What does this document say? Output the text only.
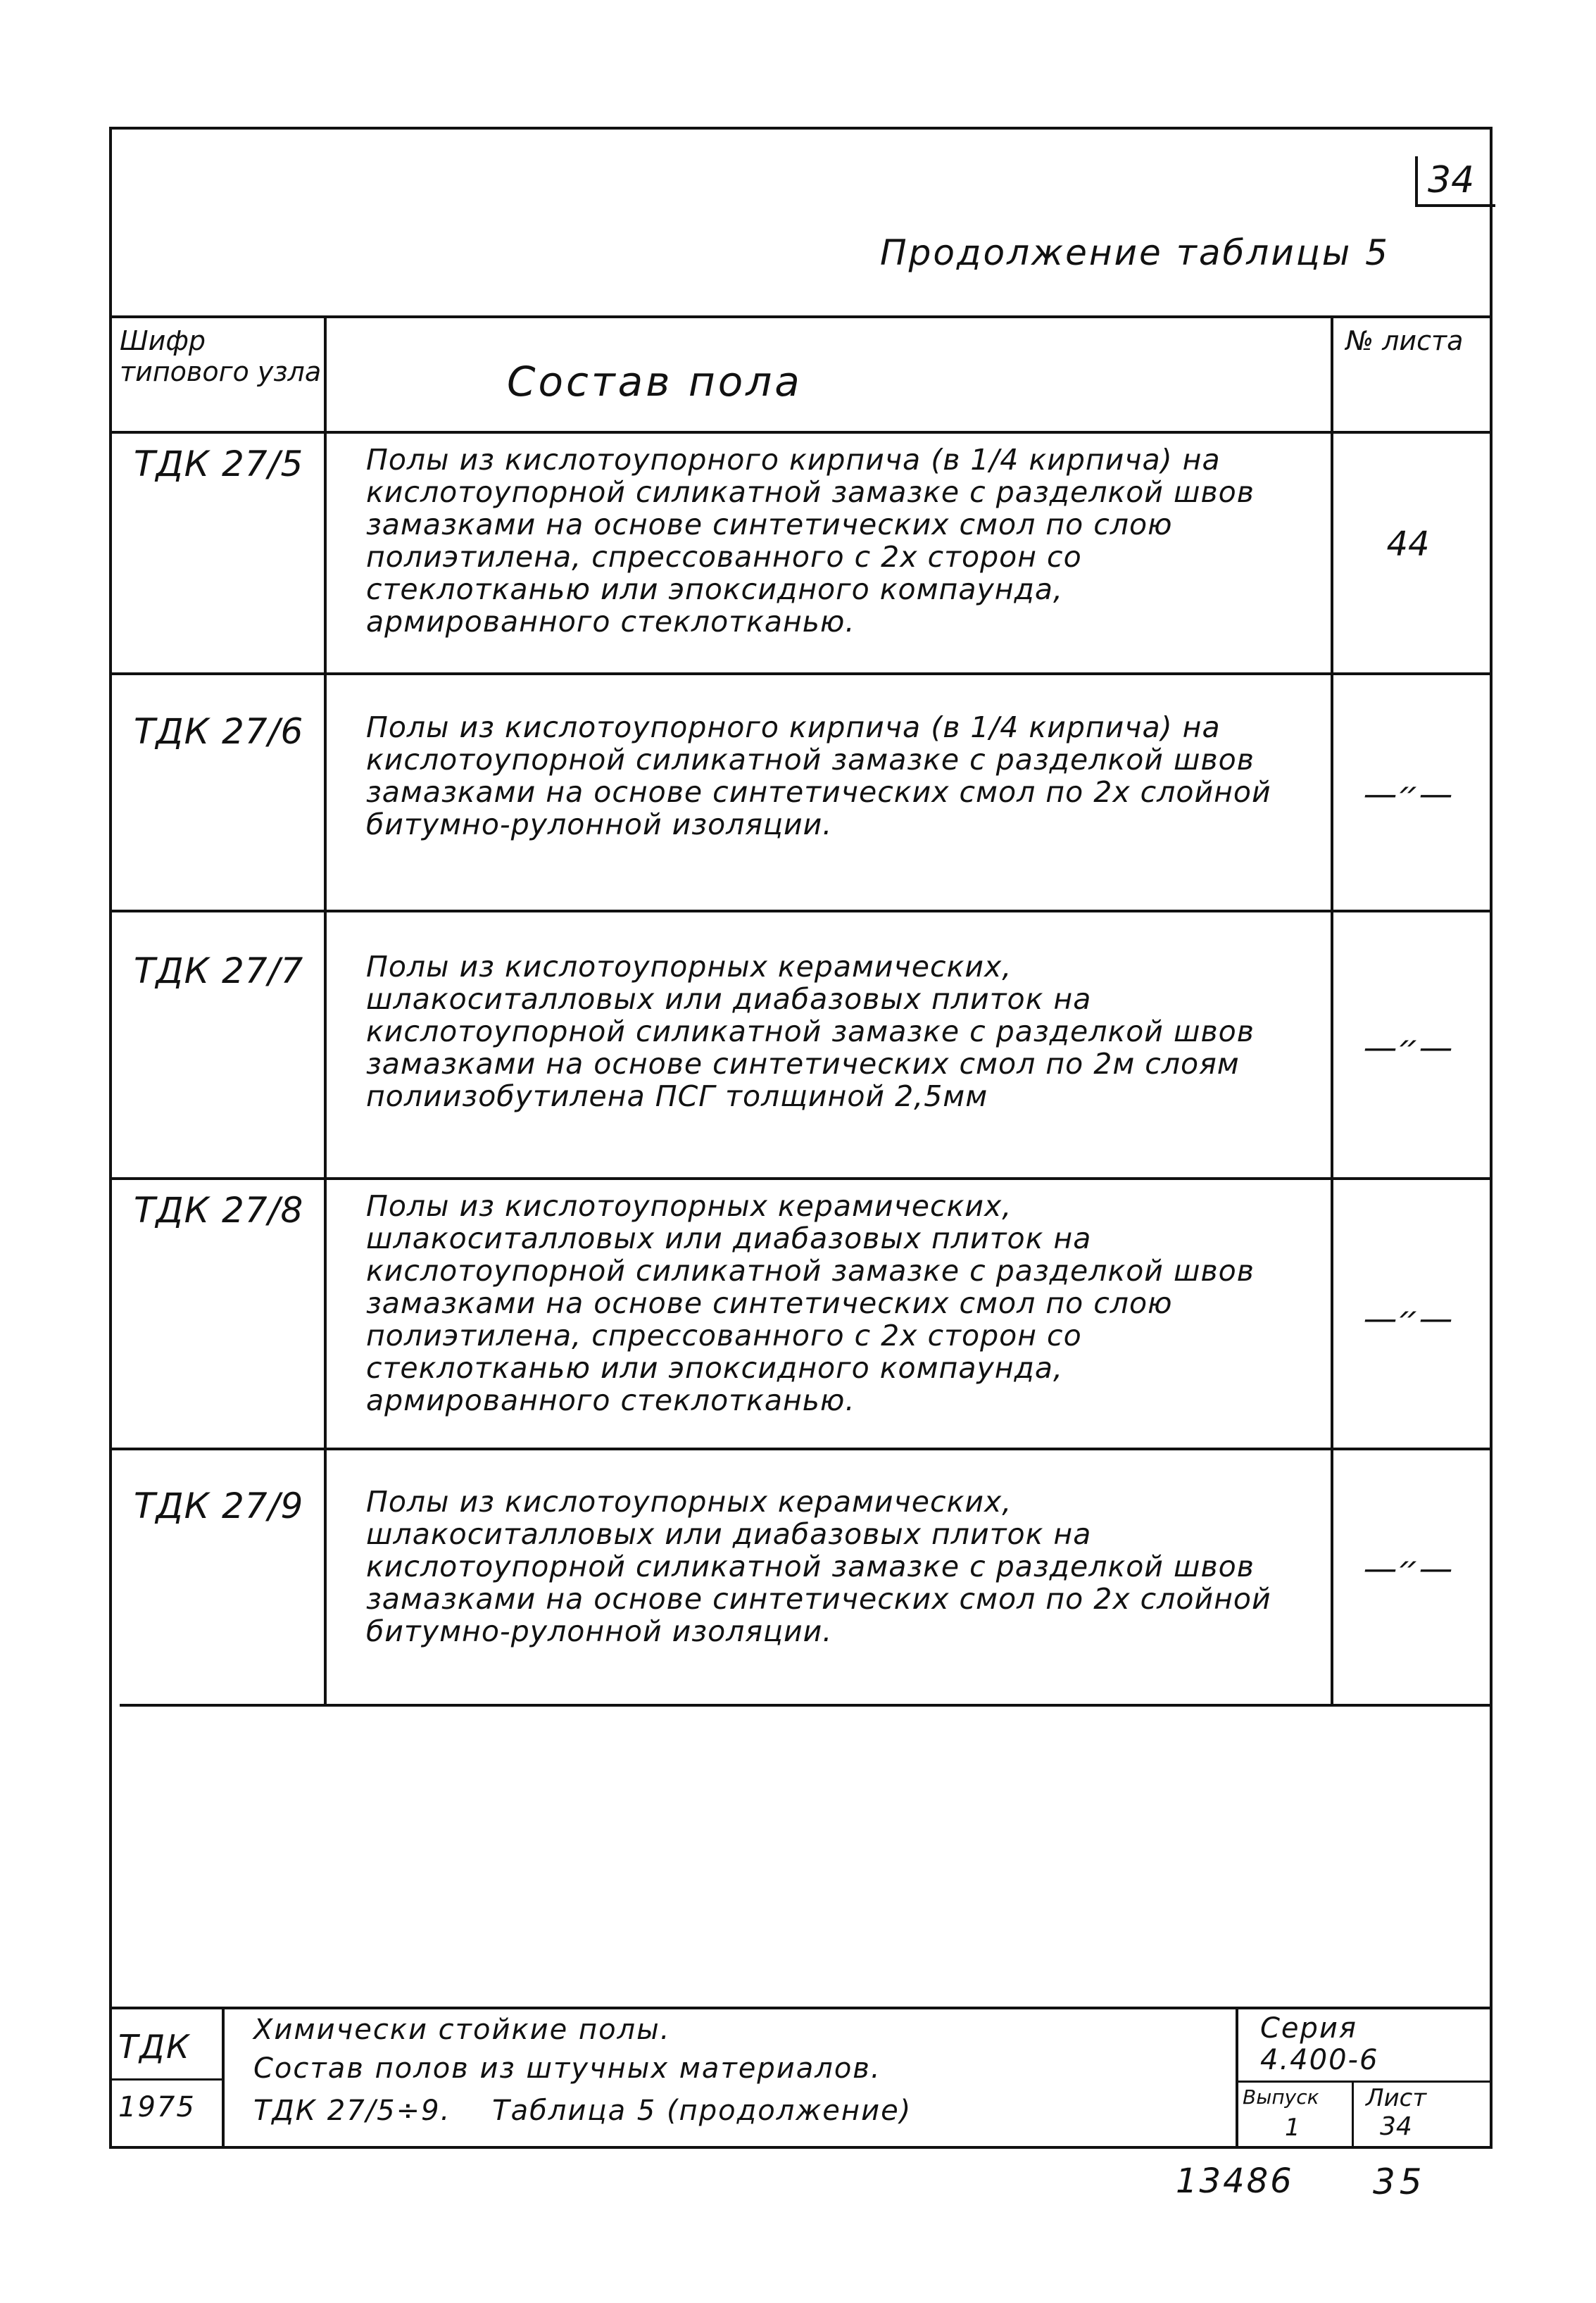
34
Продолжение таблицы 5
Шифр типового узла	Состав пола
№ листа
ТДК 27/5 Полы из кислотоупорного кирпича (в 1/4 кирпича) на кислотоупорной силикатной замазке с разделкой швов замазками на основе синтетических смол по слою полиэтилена, спрессованного с 2х сторон со стеклотканью или эпоксидного компаунда, армированного стеклотканью.
44
ТДК 27/6 Полы из кислотоупорного кирпича (в 1/4 кирпича) на кислотоупорной силикатной замазке с разделкой швов замазками на основе синтетических смол по 2х слойной битумно-рулонной изоляции.
—״—
ТДК 27/7 Полы из кислотоупорных керамических, шлакоситалловых или диабазовых плиток на кислотоупорной силикатной замазке с разделкой швов замазками на основе синтетических смол по 2м слоям полиизобутилена ПСГ толщиной 2,5мм
—״—
ТДК 27/8 Полы из кислотоупорных керамических, шлакоситалловых или диабазовых плиток на кислотоупорной силикатной замазке с разделкой швов замазками на основе синтетических смол по слою полиэтилена, спрессованного с 2х сторон со стеклотканью или эпоксидного компаунда, армированного стеклотканью.
—״—
ТДК 27/9 Полы из кислотоупорных керамических, шлакоситалловых или диабазовых плиток на кислотоупорной силикатной замазке с разделкой швов замазками на основе синтетических смол по 2х слойной битумно-рулонной изоляции.
—״—
ТДК
1975
Химически стойкие полы.
Состав полов из штучных материалов.
ТДК 27/5÷9.    Таблица 5 (продолжение)
Серия
4.400-6
Выпуск
1
Лист
34
13486 35
